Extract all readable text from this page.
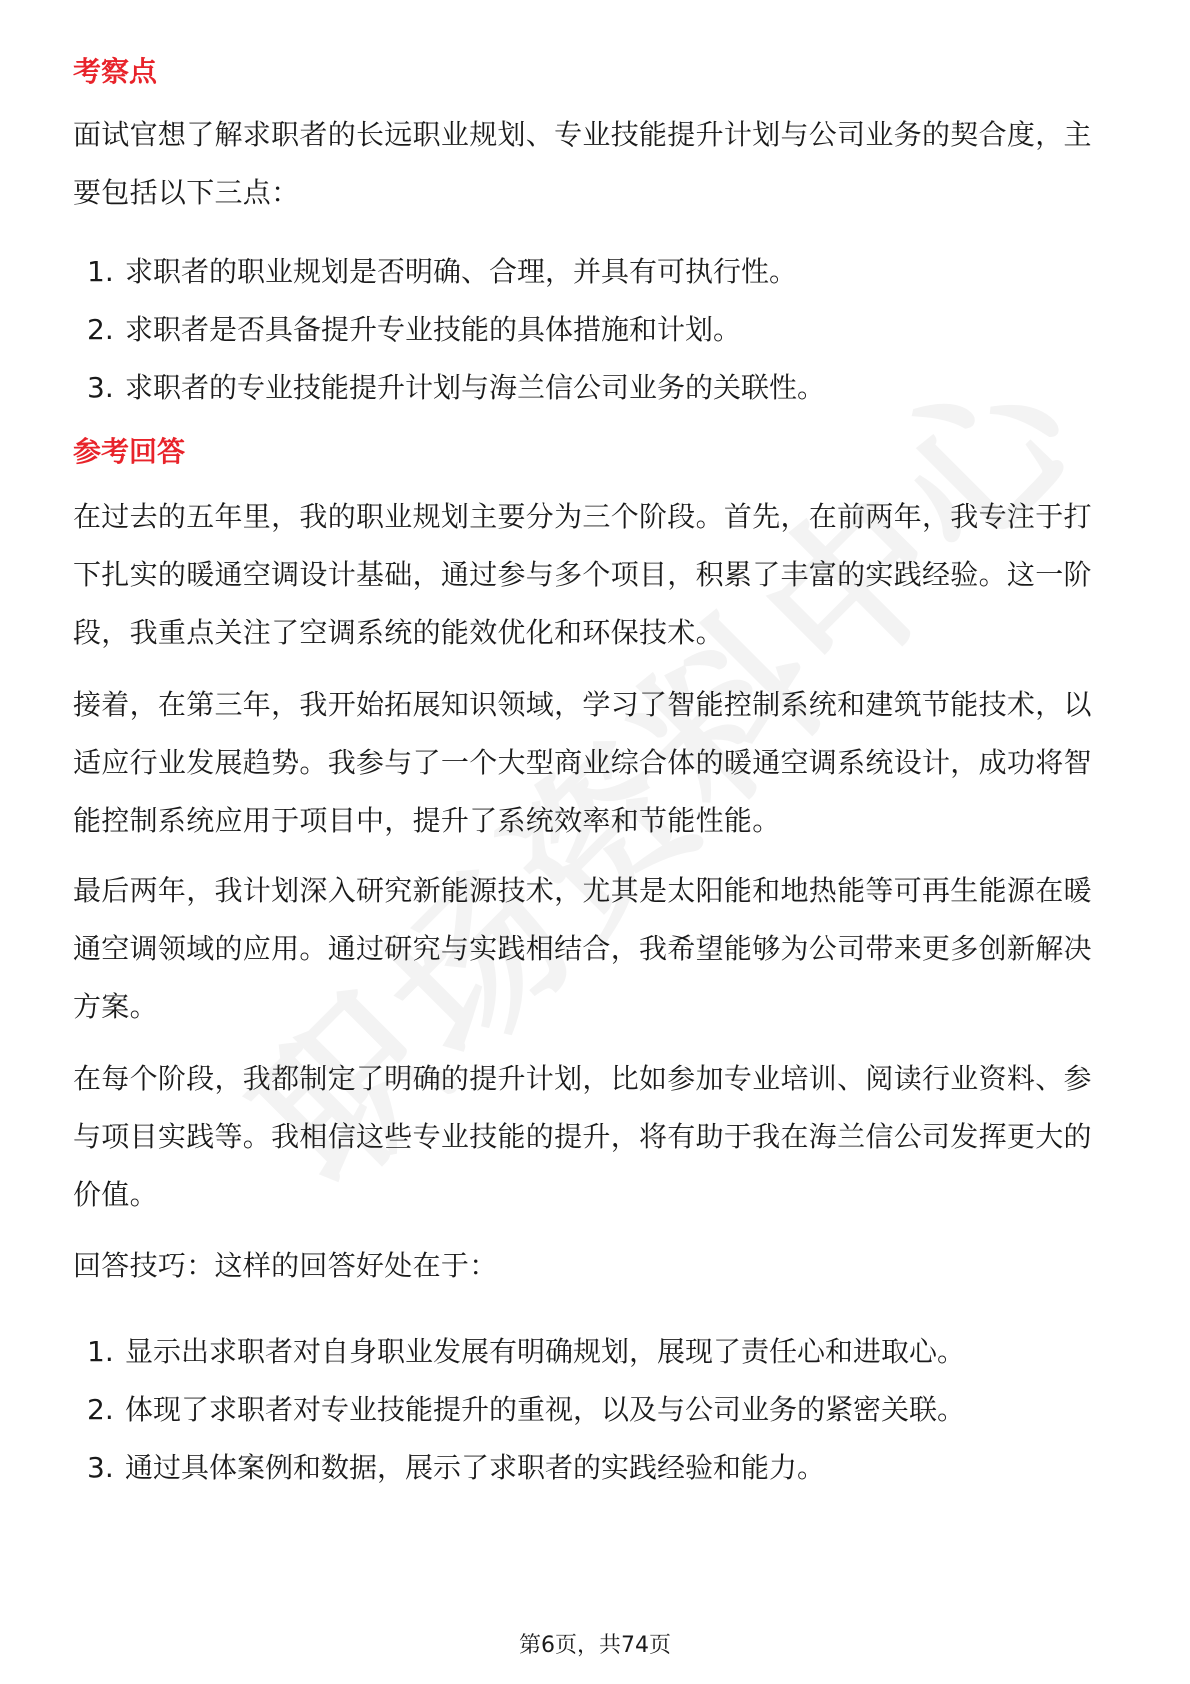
考察点
面试官想了解求职者的长远职业规划、专业技能提升计划与公司业务的契合度，主要包括以下三点：
1. 求职者的职业规划是否明确、合理，并具有可执行性。
2. 求职者是否具备提升专业技能的具体措施和计划。
3. 求职者的专业技能提升计划与海兰信公司业务的关联性。
参考回答
在过去的五年里，我的职业规划主要分为三个阶段。首先，在前两年，我专注于打下扎实的暖通空调设计基础，通过参与多个项目，积累了丰富的实践经验。这一阶段，我重点关注了空调系统的能效优化和环保技术。
接着，在第三年，我开始拓展知识领域，学习了智能控制系统和建筑节能技术，以适应行业发展趋势。我参与了一个大型商业综合体的暖通空调系统设计，成功将智能控制系统应用于项目中，提升了系统效率和节能性能。
最后两年，我计划深入研究新能源技术，尤其是太阳能和地热能等可再生能源在暖通空调领域的应用。通过研究与实践相结合，我希望能够为公司带来更多创新解决方案。
在每个阶段，我都制定了明确的提升计划，比如参加专业培训、阅读行业资料、参与项目实践等。我相信这些专业技能的提升，将有助于我在海兰信公司发挥更大的价值。
回答技巧：这样的回答好处在于：
1. 显示出求职者对自身职业发展有明确规划，展现了责任心和进取心。
2. 体现了求职者对专业技能提升的重视，以及与公司业务的紧密关联。
3. 通过具体案例和数据，展示了求职者的实践经验和能力。
第6页，共74页
